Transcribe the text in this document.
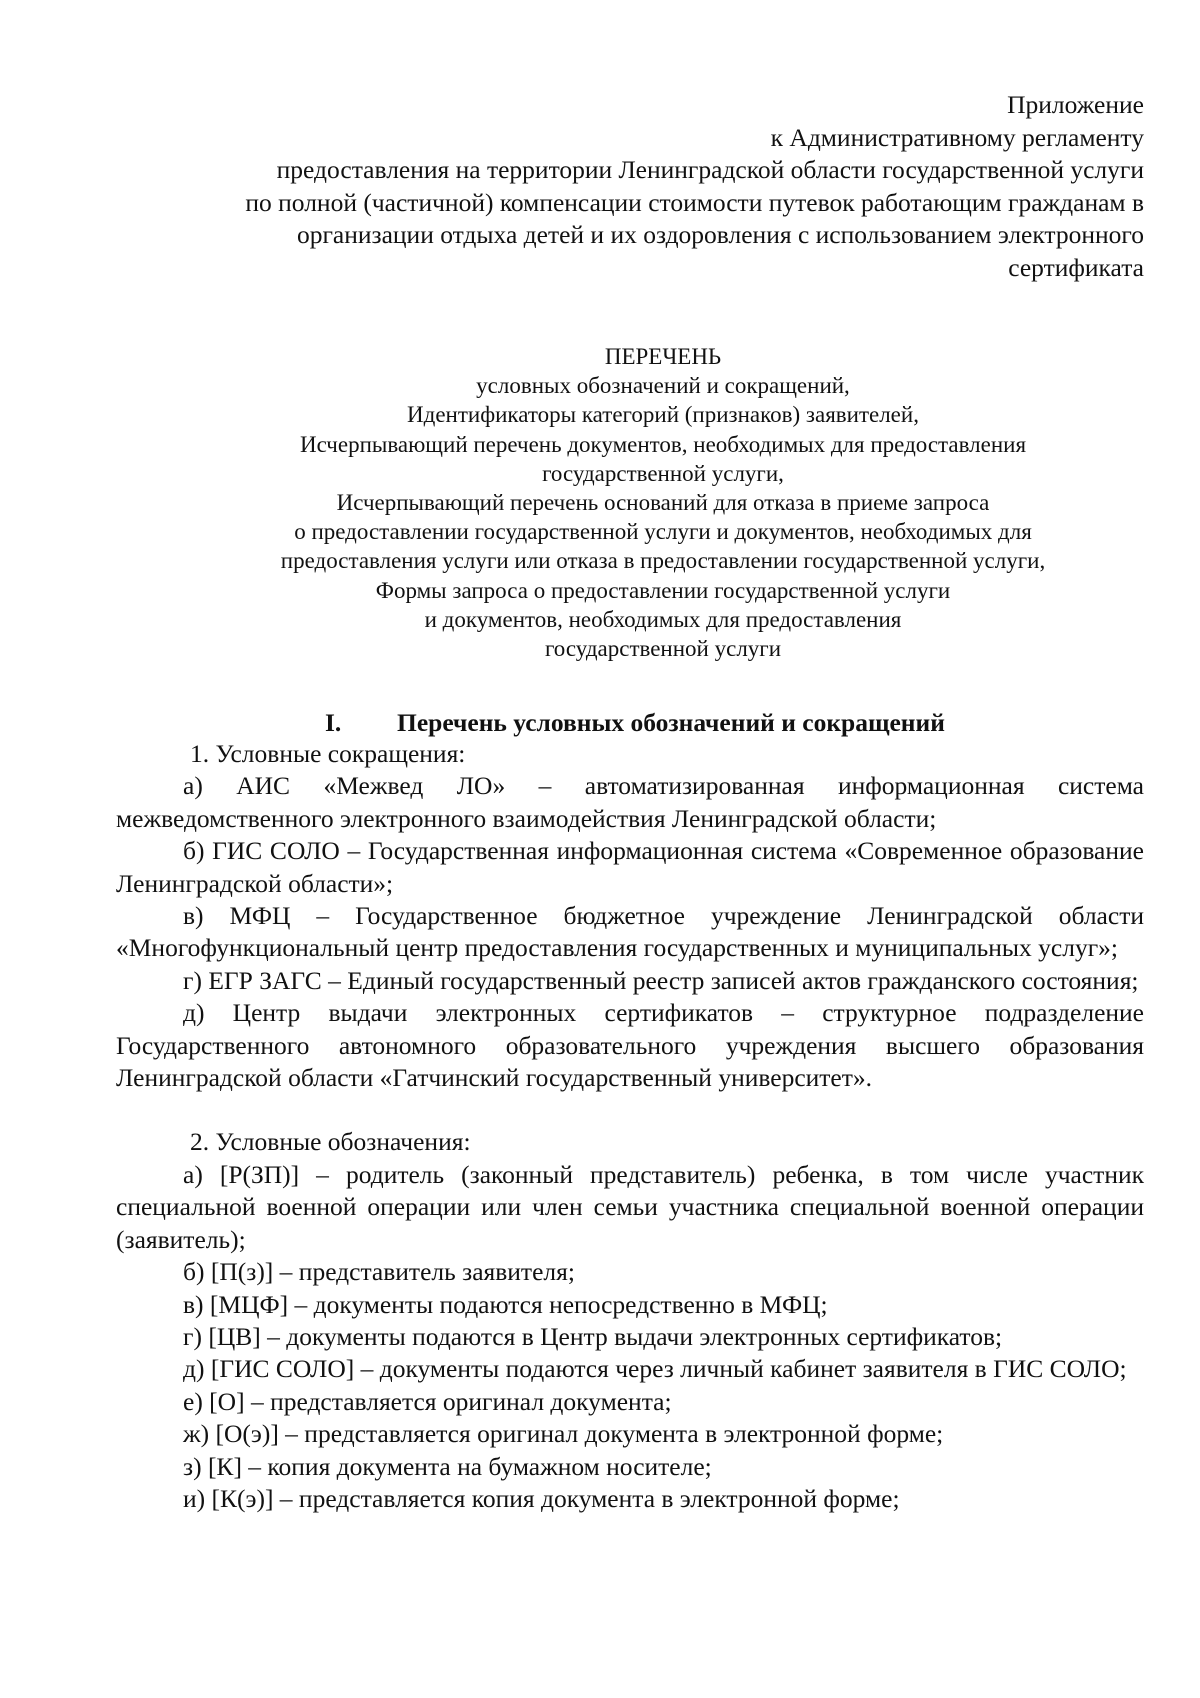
Приложение
к Административному регламенту
предоставления на территории Ленинградской области государственной услуги
по полной (частичной) компенсации стоимости путевок работающим гражданам в
организации отдыха детей и их оздоровления с использованием электронного
сертификата
ПЕРЕЧЕНЬ
условных обозначений и сокращений,
Идентификаторы категорий (признаков) заявителей,
Исчерпывающий перечень документов, необходимых для предоставления
государственной услуги,
Исчерпывающий перечень оснований для отказа в приеме запроса
о предоставлении государственной услуги и документов, необходимых для
предоставления услуги или отказа в предоставлении государственной услуги,
Формы запроса о предоставлении государственной услуги
и документов, необходимых для предоставления
государственной услуги
I. Перечень условных обозначений и сокращений

1. Условные сокращения:

а) АИС «Межвед ЛО» – автоматизированная информационная система межведомственного электронного взаимодействия Ленинградской области;

б) ГИС СОЛО – Государственная информационная система «Современное образование Ленинградской области»;

в) МФЦ – Государственное бюджетное учреждение Ленинградской области «Многофункциональный центр предоставления государственных и муниципальных услуг»;

г) ЕГР ЗАГС – Единый государственный реестр записей актов гражданского состояния;

д) Центр выдачи электронных сертификатов – структурное подразделение Государственного автономного образовательного учреждения высшего образования Ленинградской области «Гатчинский государственный университет».

2. Условные обозначения:

а) [Р(ЗП)] – родитель (законный представитель) ребенка, в том числе участник специальной военной операции или член семьи участника специальной военной операции (заявитель);

б) [П(з)] – представитель заявителя;

в) [МЦФ] – документы подаются непосредственно в МФЦ;

г) [ЦВ] – документы подаются в Центр выдачи электронных сертификатов;

д) [ГИС СОЛО] – документы подаются через личный кабинет заявителя в ГИС СОЛО;

е) [О] – представляется оригинал документа;

ж) [О(э)] – представляется оригинал документа в электронной форме;

з) [К] – копия документа на бумажном носителе;

и) [К(э)] – представляется копия документа в электронной форме;
